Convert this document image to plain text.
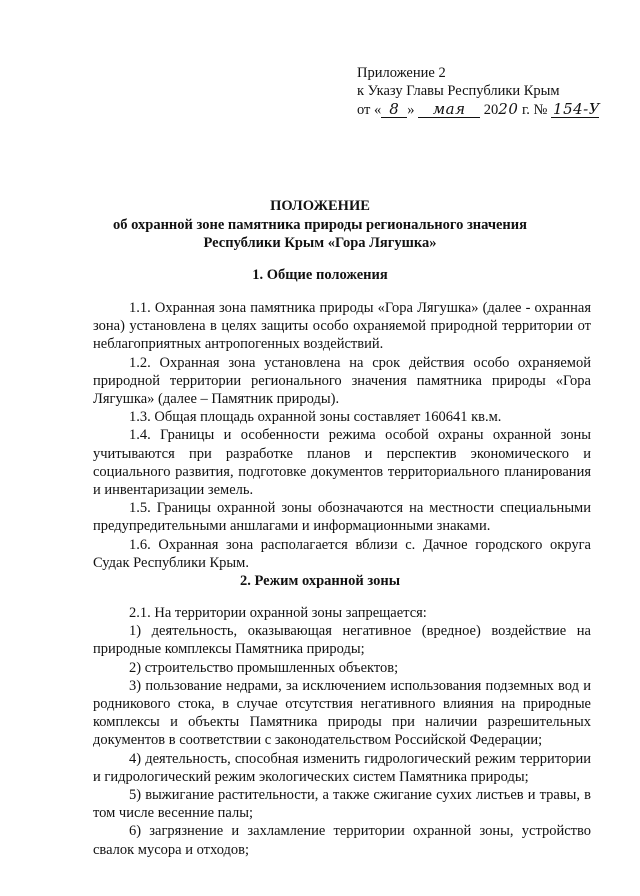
Приложение 2
к Указу Главы Республики Крым
от « 8 » мая 2020 г. № 154-У
ПОЛОЖЕНИЕ
об охранной зоне памятника природы регионального значения
Республики Крым «Гора Лягушка»
1. Общие положения

1.1. Охранная зона памятника природы «Гора Лягушка» (далее - охранная зона) установлена в целях защиты особо охраняемой природной территории от неблагоприятных антропогенных воздействий.

1.2. Охранная зона установлена на срок действия особо охраняемой природной территории регионального значения памятника природы «Гора Лягушка» (далее – Памятник природы).

1.3. Общая площадь охранной зоны составляет 160641 кв.м.

1.4. Границы и особенности режима особой охраны охранной зоны учитываются при разработке планов и перспектив экономического и социального развития, подготовке документов территориального планирования и инвентаризации земель.

1.5. Границы охранной зоны обозначаются на местности специальными предупредительными аншлагами и информационными знаками.

1.6. Охранная зона располагается вблизи с. Дачное городского округа Судак Республики Крым.

2. Режим охранной зоны

2.1. На территории охранной зоны запрещается:

1) деятельность, оказывающая негативное (вредное) воздействие на природные комплексы Памятника природы;

2) строительство промышленных объектов;

3) пользование недрами, за исключением использования подземных вод и родникового стока, в случае отсутствия негативного влияния на природные комплексы и объекты Памятника природы при наличии разрешительных документов в соответствии с законодательством Российской Федерации;

4) деятельность, способная изменить гидрологический режим территории и гидрологический режим экологических систем Памятника природы;

5) выжигание растительности, а также сжигание сухих листьев и травы, в том числе весенние палы;

6) загрязнение и захламление территории охранной зоны, устройство свалок мусора и отходов;
